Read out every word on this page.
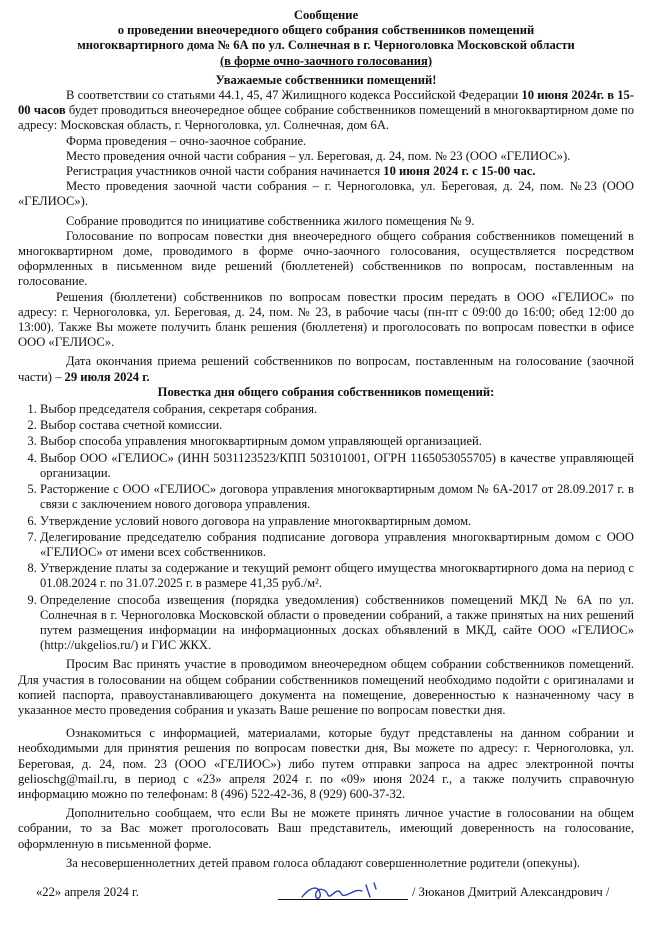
Сообщение
о проведении внеочередного общего собрания собственников помещений
многоквартирного дома № 6А по ул. Солнечная в г. Черноголовка Московской области
(в форме очно-заочного голосования)
Уважаемые собственники помещений!

В соответствии со статьями 44.1, 45, 47 Жилищного кодекса Российской Федерации 10 июня 2024г. в 15-00 часов будет проводиться внеочередное общее собрание собственников помещений в многоквартирном доме по адресу: Московская область, г. Черноголовка, ул. Солнечная, дом 6А.

Форма проведения – очно-заочное собрание.

Место проведения очной части собрания – ул. Береговая, д. 24, пом. № 23 (ООО «ГЕЛИОС»).

Регистрация участников очной части собрания начинается 10 июня 2024 г. с 15-00 час.

Место проведения заочной части собрания – г. Черноголовка, ул. Береговая, д. 24, пом. №23 (ООО «ГЕЛИОС»).

Собрание проводится по инициативе собственника жилого помещения № 9.

Голосование по вопросам повестки дня внеочередного общего собрания собственников помещений в многоквартирном доме, проводимого в форме очно-заочного голосования, осуществляется посредством оформленных в письменном виде решений (бюллетеней) собственников по вопросам, поставленным на голосование.

Решения (бюллетени) собственников по вопросам повестки просим передать в ООО «ГЕЛИОС» по адресу: г. Черноголовка, ул. Береговая, д. 24, пом. № 23, в рабочие часы (пн-пт с 09:00 до 16:00; обед 12:00 до 13:00). Также Вы можете получить бланк решения (бюллетеня) и проголосовать по вопросам повестки в офисе ООО «ГЕЛИОС».

Дата окончания приема решений собственников по вопросам, поставленным на голосование (заочной части) – 29 июля 2024 г.

Повестка дня общего собрания собственников помещений:
1. Выбор председателя собрания, секретаря собрания.
2. Выбор состава счетной комиссии.
3. Выбор способа управления многоквартирным домом управляющей организацией.
4. Выбор ООО «ГЕЛИОС» (ИНН 5031123523/КПП 503101001, ОГРН 1165053055705) в качестве управляющей организации.
5. Расторжение с ООО «ГЕЛИОС» договора управления многоквартирным домом № 6А-2017 от 28.09.2017 г. в связи с заключением нового договора управления.
6. Утверждение условий нового договора на управление многоквартирным домом.
7. Делегирование председателю собрания подписание договора управления многоквартирным домом с ООО «ГЕЛИОС» от имени всех собственников.
8. Утверждение платы за содержание и текущий ремонт общего имущества многоквартирного дома на период с 01.08.2024 г. по 31.07.2025 г. в размере 41,35 руб./м².
9. Определение способа извещения (порядка уведомления) собственников помещений МКД № 6А по ул. Солнечная в г. Черноголовка Московской области о проведении собраний, а также принятых на них решений путем размещения информации на информационных досках объявлений в МКД, сайте ООО «ГЕЛИОС» (http://ukgelios.ru/) и ГИС ЖКХ.

Просим Вас принять участие в проводимом внеочередном общем собрании собственников помещений. Для участия в голосовании на общем собрании собственников помещений необходимо подойти с оригиналами и копией паспорта, правоустанавливающего документа на помещение, доверенностью к назначенному часу в указанное место проведения собрания и указать Ваше решение по вопросам повестки дня.

Ознакомиться с информацией, материалами, которые будут представлены на данном собрании и необходимыми для принятия решения по вопросам повестки дня, Вы можете по адресу: г. Черноголовка, ул. Береговая, д. 24, пом. 23 (ООО «ГЕЛИОС») либо путем отправки запроса на адрес электронной почты gelioschg@mail.ru, в период с «23» апреля 2024 г. по «09» июня 2024 г., а также получить справочную информацию можно по телефонам: 8 (496) 522-42-36, 8 (929) 600-37-32.

Дополнительно сообщаем, что если Вы не можете принять личное участие в голосовании на общем собрании, то за Вас может проголосовать Ваш представитель, имеющий доверенность на голосование, оформленную в письменной форме.

За несовершеннолетних детей правом голоса обладают совершеннолетние родители (опекуны).

«22» апреля 2024 г.	/ Зюканов Дмитрий Александрович /
